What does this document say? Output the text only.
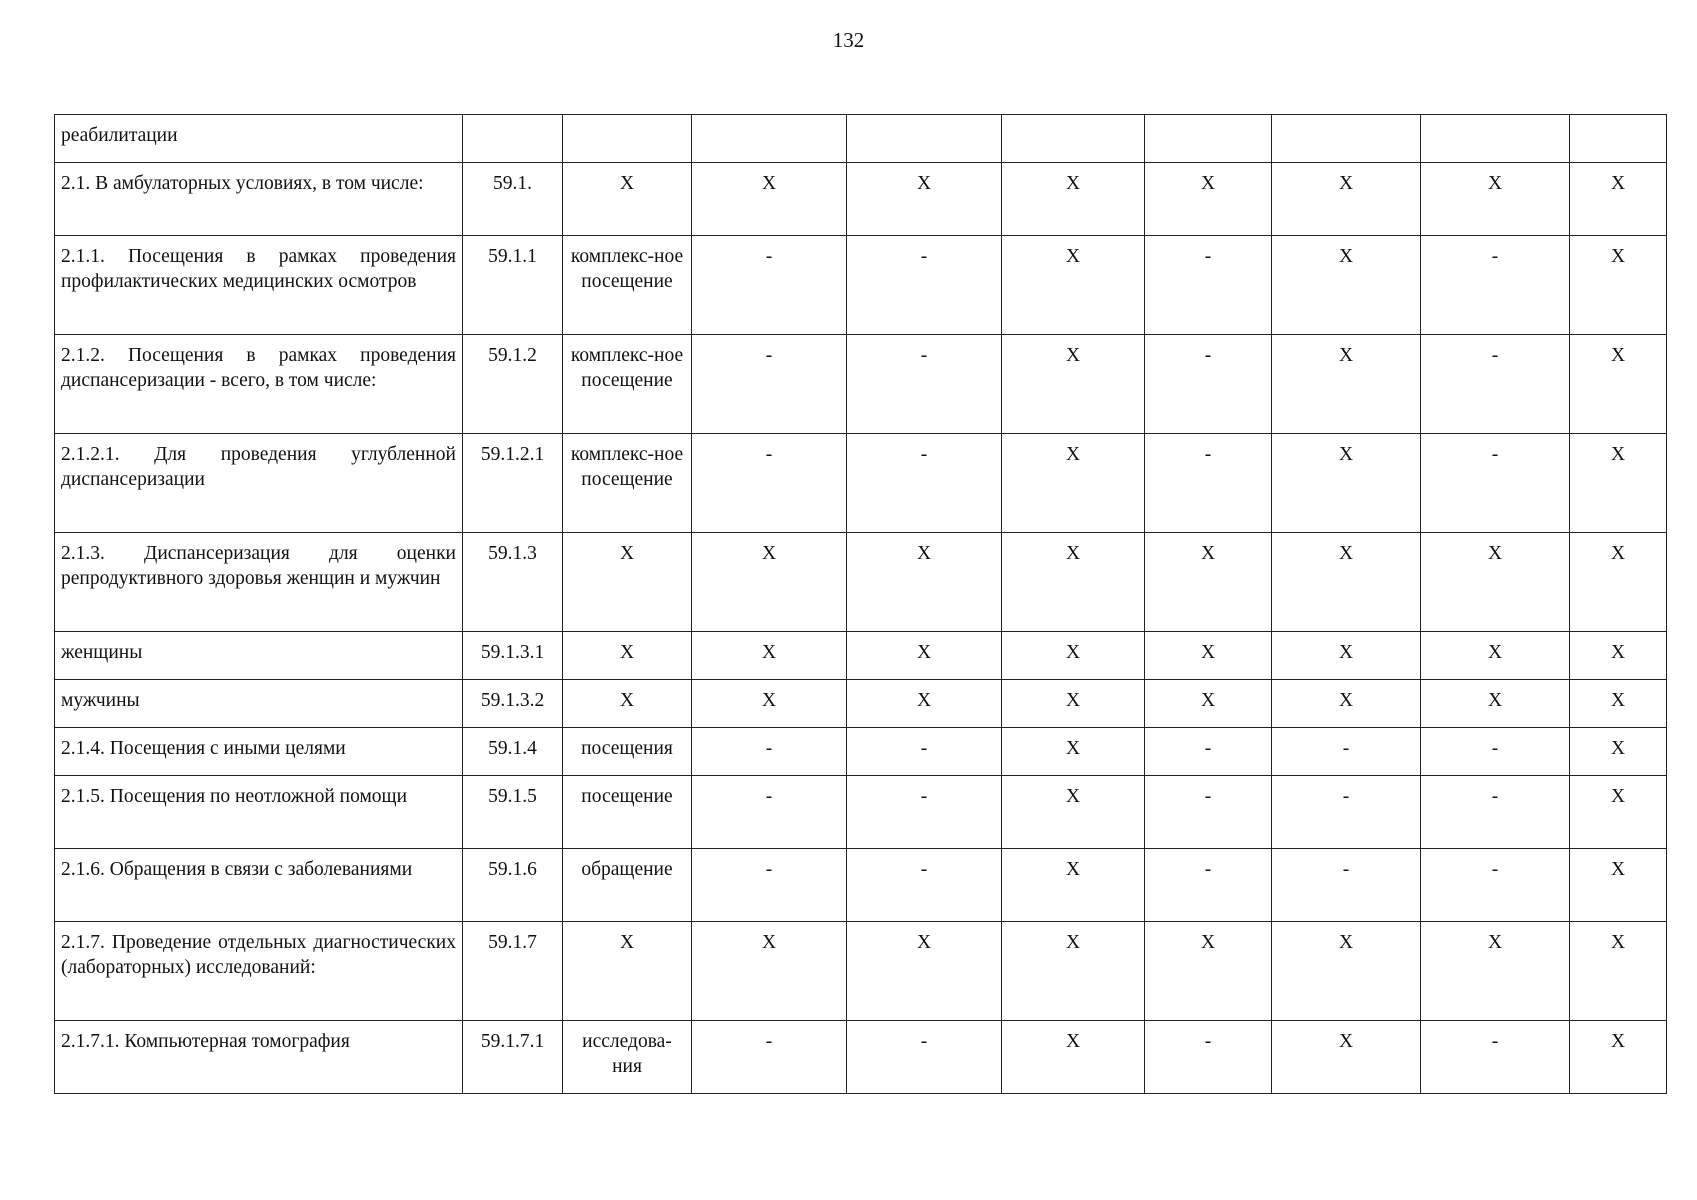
132
реабилитации									
2.1. В амбулаторных условиях, в том числе:	59.1.	Х	Х	Х	Х	Х	Х	Х	Х
2.1.1. Посещения в рамках проведения профилактических медицинских осмотров	59.1.1	комплекс-ное посещение	-	-	Х	-	Х	-	Х
2.1.2. Посещения в рамках проведения диспансеризации - всего, в том числе:	59.1.2	комплекс-ное посещение	-	-	Х	-	Х	-	Х
2.1.2.1. Для проведения углубленной диспансеризации	59.1.2.1	комплекс-ное посещение	-	-	Х	-	Х	-	Х
2.1.3. Диспансеризация для оценки репродуктивного здоровья женщин и мужчин	59.1.3	Х	Х	Х	Х	Х	Х	Х	Х
женщины	59.1.3.1	Х	Х	Х	Х	Х	Х	Х	Х
мужчины	59.1.3.2	Х	Х	Х	Х	Х	Х	Х	Х
2.1.4. Посещения с иными целями	59.1.4	посещения	-	-	Х	-	-	-	Х
2.1.5. Посещения по неотложной помощи	59.1.5	посещение	-	-	Х	-	-	-	Х
2.1.6. Обращения в связи с заболеваниями	59.1.6	обращение	-	-	Х	-	-	-	Х
2.1.7. Проведение отдельных диагностических (лабораторных) исследований:	59.1.7	Х	Х	Х	Х	Х	Х	Х	Х
2.1.7.1. Компьютерная томография	59.1.7.1	исследова-ния	-	-	Х	-	Х	-	Х
